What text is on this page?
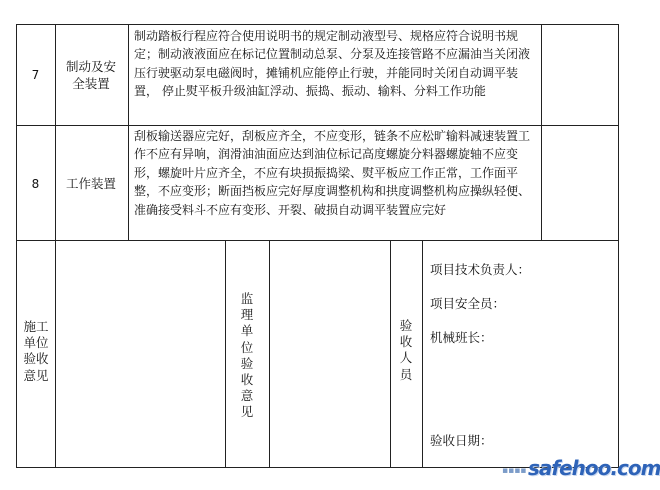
7
制动及安全装置
制动踏板行程应符合使用说明书的规定制动液型号、规格应符合说明书规定；制动液液面应在标记位置制动总泵、分泵及连接管路不应漏油当关闭液压行驶驱动泵电磁阀时，摊铺机应能停止行驶，并能同时关闭自动调平装置， 停止熨平板升级油缸浮动、振捣、振动、输料、分料工作功能
8	工作装置
刮板输送器应完好，刮板应齐全，不应变形，链条不应松旷输料减速装置工作不应有异响，润滑油油面应达到油位标记高度螺旋分料器螺旋轴不应变形，螺旋叶片应齐全，不应有块损振捣梁、熨平板应工作正常，工作面平整，不应变形；断面挡板应完好厚度调整机构和拱度调整机构应操纵轻便、准确接受料斗不应有变形、开裂、破损自动调平装置应完好
施工单位验收意见
监理单位验收意见
验收人员
项目技术负责人：
项目安全员：
机械班长：
验收日期：
▪▪▪▪ safehoo.com
